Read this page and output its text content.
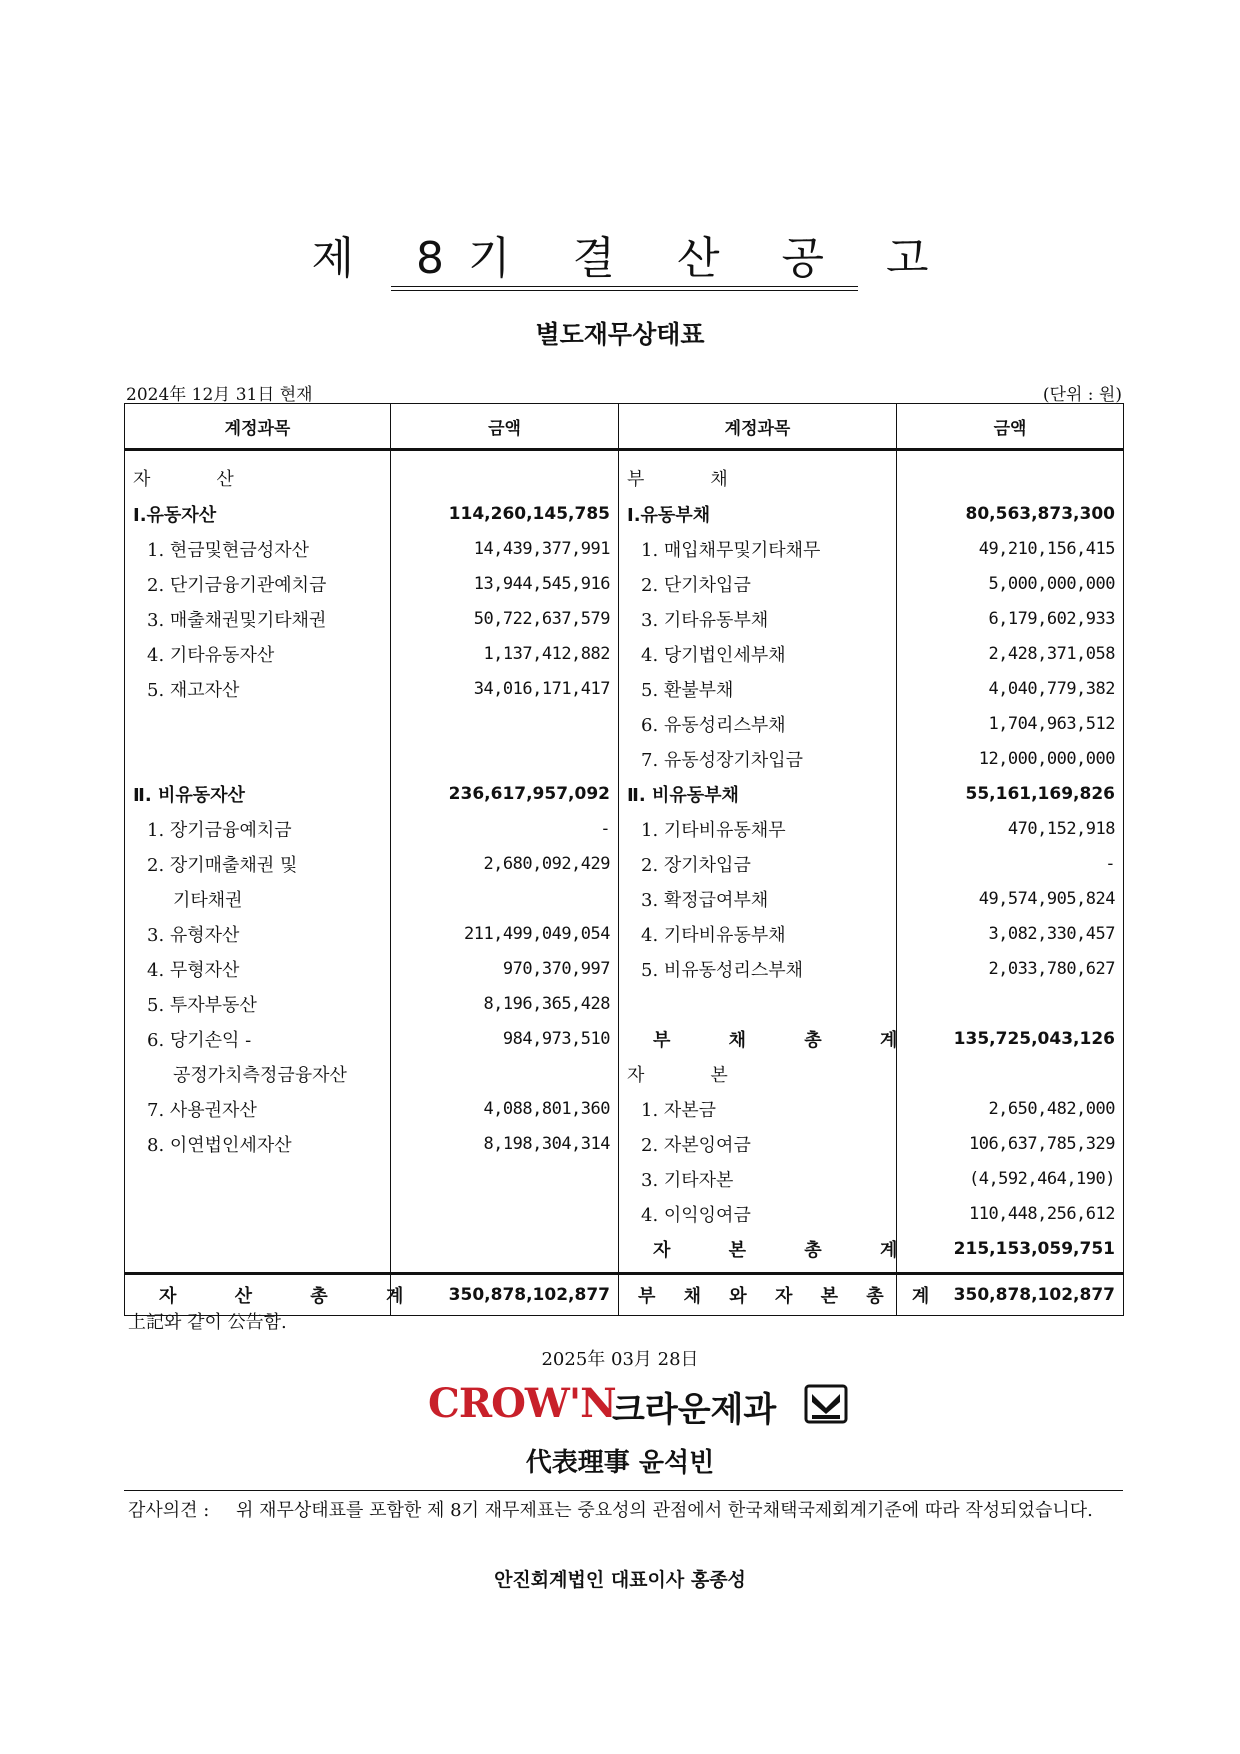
제 8기 결 산 공 고
별도재무상태표
2024年 12月 31日 현재	(단위 : 원)
계정과목	금액	계정과목	금액
자　　산		부　　채	
Ⅰ.유동자산	114,260,145,785	Ⅰ.유동부채	80,563,873,300
1. 현금및현금성자산	14,439,377,991	1. 매입채무및기타채무	49,210,156,415
2. 단기금융기관예치금	13,944,545,916	2. 단기차입금	5,000,000,000
3. 매출채권및기타채권	50,722,637,579	3. 기타유동부채	6,179,602,933
4. 기타유동자산	1,137,412,882	4. 당기법인세부채	2,428,371,058
5. 재고자산	34,016,171,417	5. 환불부채	4,040,779,382
		6. 유동성리스부채	1,704,963,512
		7. 유동성장기차입금	12,000,000,000
Ⅱ. 비유동자산	236,617,957,092	Ⅱ. 비유동부채	55,161,169,826
1. 장기금융예치금	-	1. 기타비유동채무	470,152,918
2. 장기매출채권 및	2,680,092,429	2. 장기차입금	-
기타채권		3. 확정급여부채	49,574,905,824
3. 유형자산	211,499,049,054	4. 기타비유동부채	3,082,330,457
4. 무형자산	970,370,997	5. 비유동성리스부채	2,033,780,627
5. 투자부동산	8,196,365,428		
6. 당기손익 -	984,973,510	부 채 총 계	135,725,043,126
공정가치측정금융자산		자　　본	
7. 사용권자산	4,088,801,360	1. 자본금	2,650,482,000
8. 이연법인세자산	8,198,304,314	2. 자본잉여금	106,637,785,329
		3. 기타자본	(4,592,464,190)
		4. 이익잉여금	110,448,256,612
		자 본 총 계	215,153,059,751
자 산 총 계	350,878,102,877	부 채 와 자 본 총 계	350,878,102,877
上記와 같이 公告함.
2025年 03月 28日
CROW'N
크라운제과
代表理事 윤석빈
감사의견 : 위 재무상태표를 포함한 제 8기 재무제표는 중요성의 관점에서 한국채택국제회계기준에 따라 작성되었습니다.
안진회계법인 대표이사 홍종성
